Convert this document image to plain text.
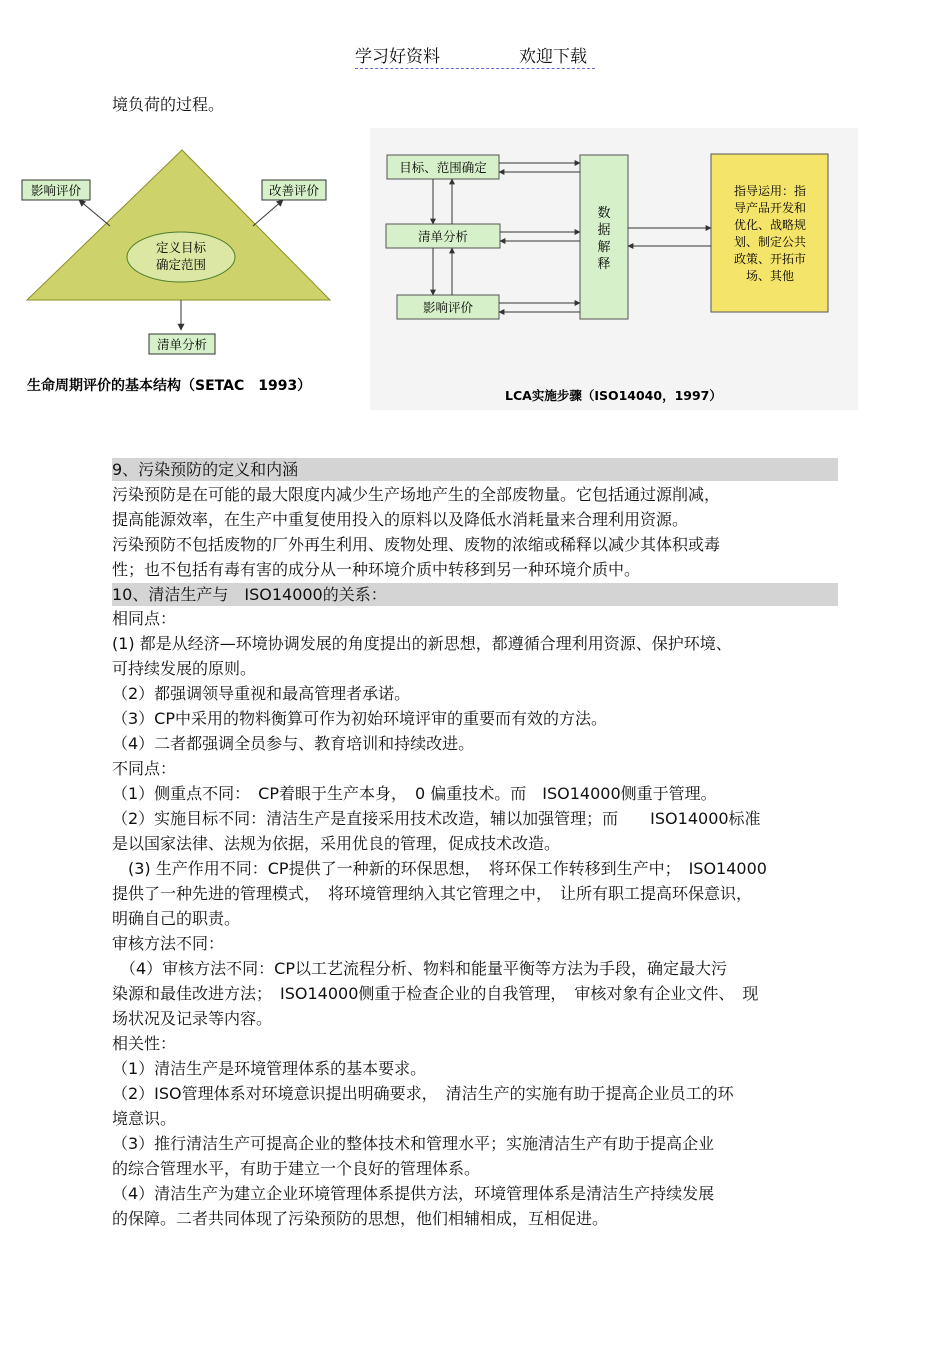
学习好资料	欢迎下载
境负荷的过程。
定义目标
确定范围
影响评价	改善评价
清单分析
生命周期评价的基本结构（SETAC　1993）
目标、范围确定
清单分析
影响评价
数
据
解
释
指导运用：指
导产品开发和
优化、战略规
划、制定公共
政策、开拓市
场、其他
LCA实施步骤（ISO14040，1997）
9、污染预防的定义和内涵
污染预防是在可能的最大限度内减少生产场地产生的全部废物量。它包括通过源削减，
提高能源效率，在生产中重复使用投入的原料以及降低水消耗量来合理利用资源。
污染预防不包括废物的厂外再生利用、废物处理、废物的浓缩或稀释以减少其体积或毒
性；也不包括有毒有害的成分从一种环境介质中转移到另一种环境介质中。
10、清洁生产与　ISO14000的关系：
相同点：
(1) 都是从经济—环境协调发展的角度提出的新思想，都遵循合理利用资源、保护环境、
可持续发展的原则。
（2）都强调领导重视和最高管理者承诺。
（3）CP中采用的物料衡算可作为初始环境评审的重要而有效的方法。
（4）二者都强调全员参与、教育培训和持续改进。
不同点：
（1）侧重点不同：　CP着眼于生产本身，　0 偏重技术。而　ISO14000侧重于管理。
（2）实施目标不同：清洁生产是直接采用技术改造，辅以加强管理；而　　ISO14000标准
是以国家法律、法规为依据，采用优良的管理，促成技术改造。
　(3) 生产作用不同：CP提供了一种新的环保思想，　将环保工作转移到生产中；　ISO14000
提供了一种先进的管理模式，　将环境管理纳入其它管理之中，　让所有职工提高环保意识，
明确自己的职责。
审核方法不同：
　（4）审核方法不同：CP以工艺流程分析、物料和能量平衡等方法为手段，确定最大污
染源和最佳改进方法；　ISO14000侧重于检查企业的自我管理，　审核对象有企业文件、　现
场状况及记录等内容。
相关性：
（1）清洁生产是环境管理体系的基本要求。
（2）ISO管理体系对环境意识提出明确要求，　清洁生产的实施有助于提高企业员工的环
境意识。
（3）推行清洁生产可提高企业的整体技术和管理水平；实施清洁生产有助于提高企业
的综合管理水平，有助于建立一个良好的管理体系。
（4）清洁生产为建立企业环境管理体系提供方法，环境管理体系是清洁生产持续发展
的保障。二者共同体现了污染预防的思想，他们相辅相成，互相促进。
